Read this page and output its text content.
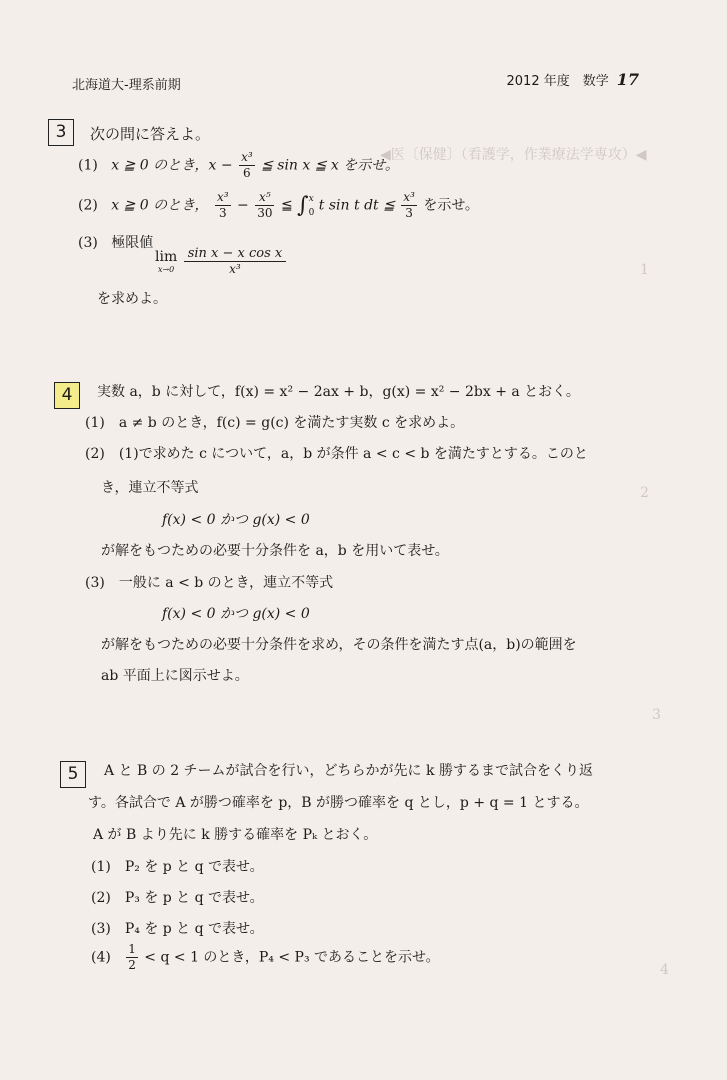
◀医〔保健〕（看護学，作業療法学専攻）◀
1
2
3
4
北海道大-理系前期	2012 年度　数学 17
3	次の問に答えよ。
(1) x ≧ 0 のとき，$x - \frac{\text{x³}}{6}$ ≦ sin x ≦ x を示せ。
(2) x ≧ 0 のとき， $\frac{\text{x³}}{3} - \frac{\text{x⁵}}{30}$ ≦ ∫ x
0 t sin t dt ≦ $\frac{\text{x³}}{3}$ を示せ。
(3) 極限値
lim
x→0
$\frac{\text{sin x − x cos x}}{\text{x³}}$
を求めよ。
4	実数 a，b に対して，f(x) = x² − 2ax + b，g(x) = x² − 2bx + a とおく。
(1)　a ≠ b のとき，f(c) = g(c) を満たす実数 c を求めよ。
(2)　(1)で求めた c について，a，b が条件 a < c < b を満たすとする。このと
き，連立不等式
f(x) < 0 かつ g(x) < 0
が解をもつための必要十分条件を a，b を用いて表せ。
(3)　一般に a < b のとき，連立不等式
f(x) < 0 かつ g(x) < 0
が解をもつための必要十分条件を求め，その条件を満たす点(a，b)の範囲を
ab 平面上に図示せよ。
5	A と B の 2 チームが試合を行い，どちらかが先に k 勝するまで試合をくり返
す。各試合で A が勝つ確率を p，B が勝つ確率を q とし，p + q = 1 とする。
A が B より先に k 勝する確率を Pₖ とおく。
(1)　P₂ を p と q で表せ。
(2)　P₃ を p と q で表せ。
(3)　P₄ を p と q で表せ。
$(4) \frac{1}{2} < q < 1$ のとき，P₄ < P₃ であることを示せ。
